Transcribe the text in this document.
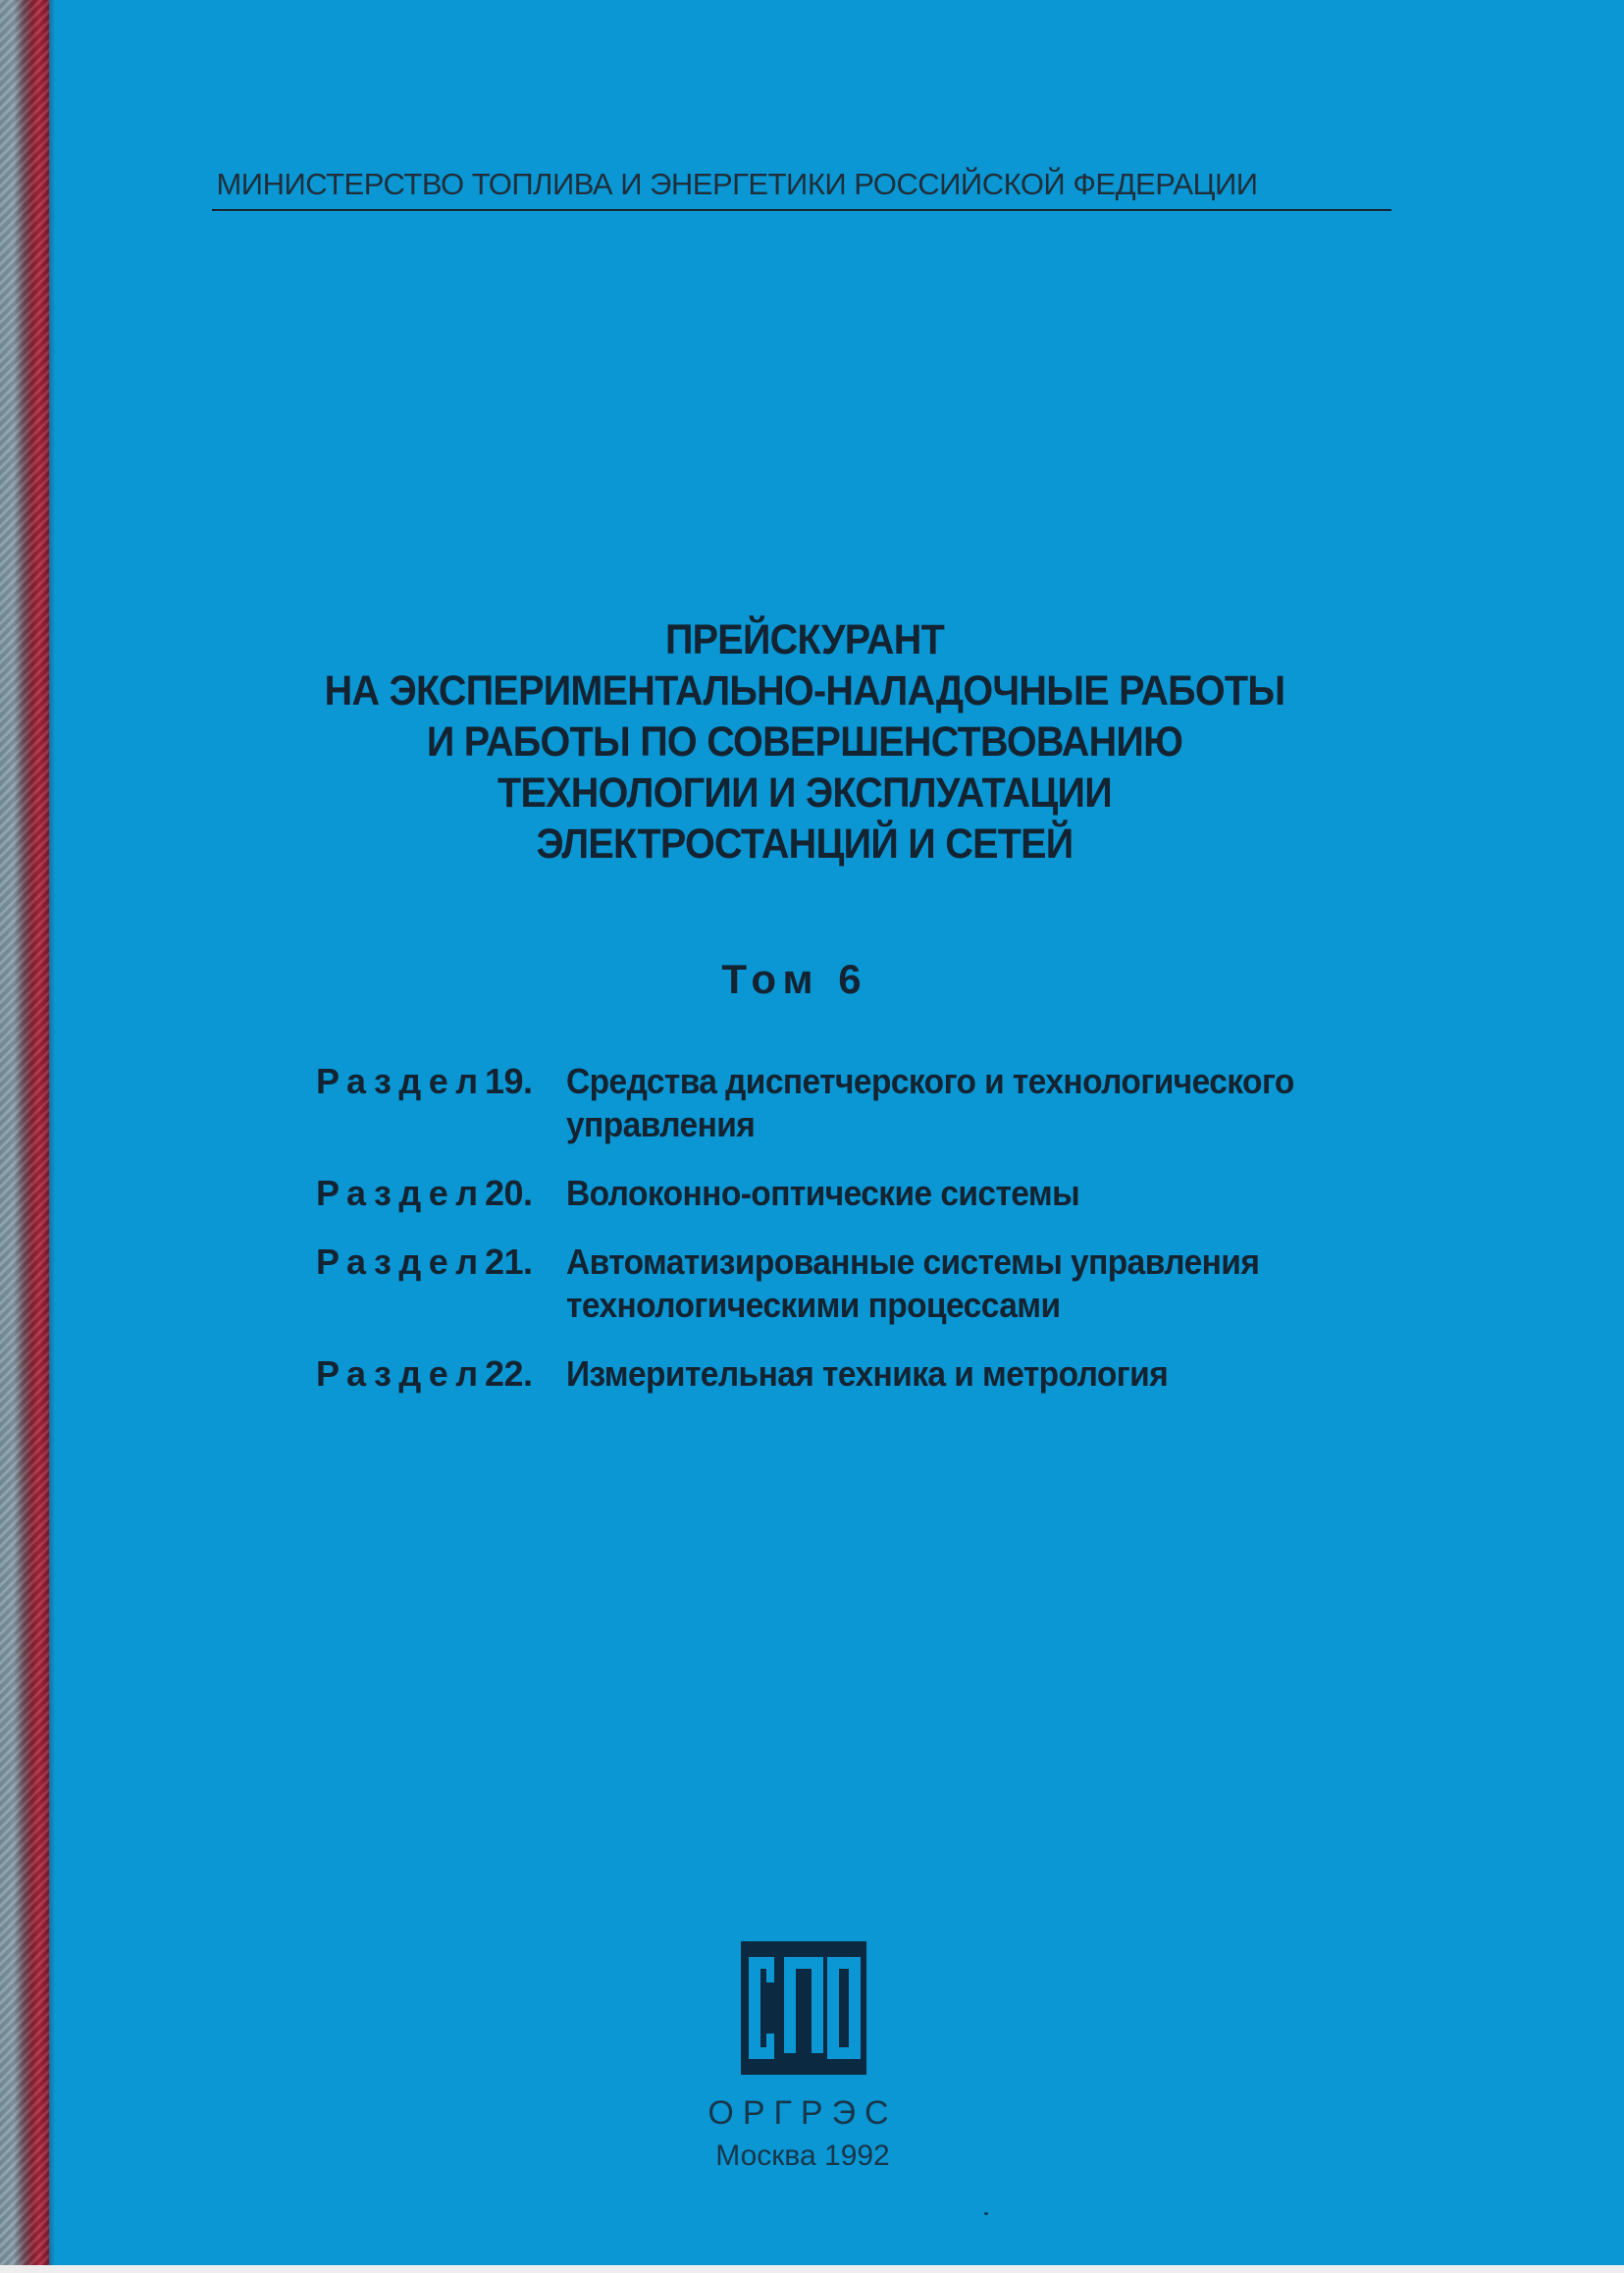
МИНИСТЕРСТВО ТОПЛИВА И ЭНЕРГЕТИКИ РОССИЙСКОЙ ФЕДЕРАЦИИ
ПРЕЙСКУРАНТ
НА ЭКСПЕРИМЕНТАЛЬНО-НАЛАДОЧНЫЕ РАБОТЫ
И РАБОТЫ ПО СОВЕРШЕНСТВОВАНИЮ
ТЕХНОЛОГИИ И ЭКСПЛУАТАЦИИ
ЭЛЕКТРОСТАНЦИЙ И СЕТЕЙ
Том 6
Раздел19. Средства диспетчерского и технологического
управления
Раздел20. Волоконно-оптические системы
Раздел21. Автоматизированные системы управления
технологическими процессами
Раздел22. Измерительная техника и метрология
ОРГРЭС
Москва 1992
